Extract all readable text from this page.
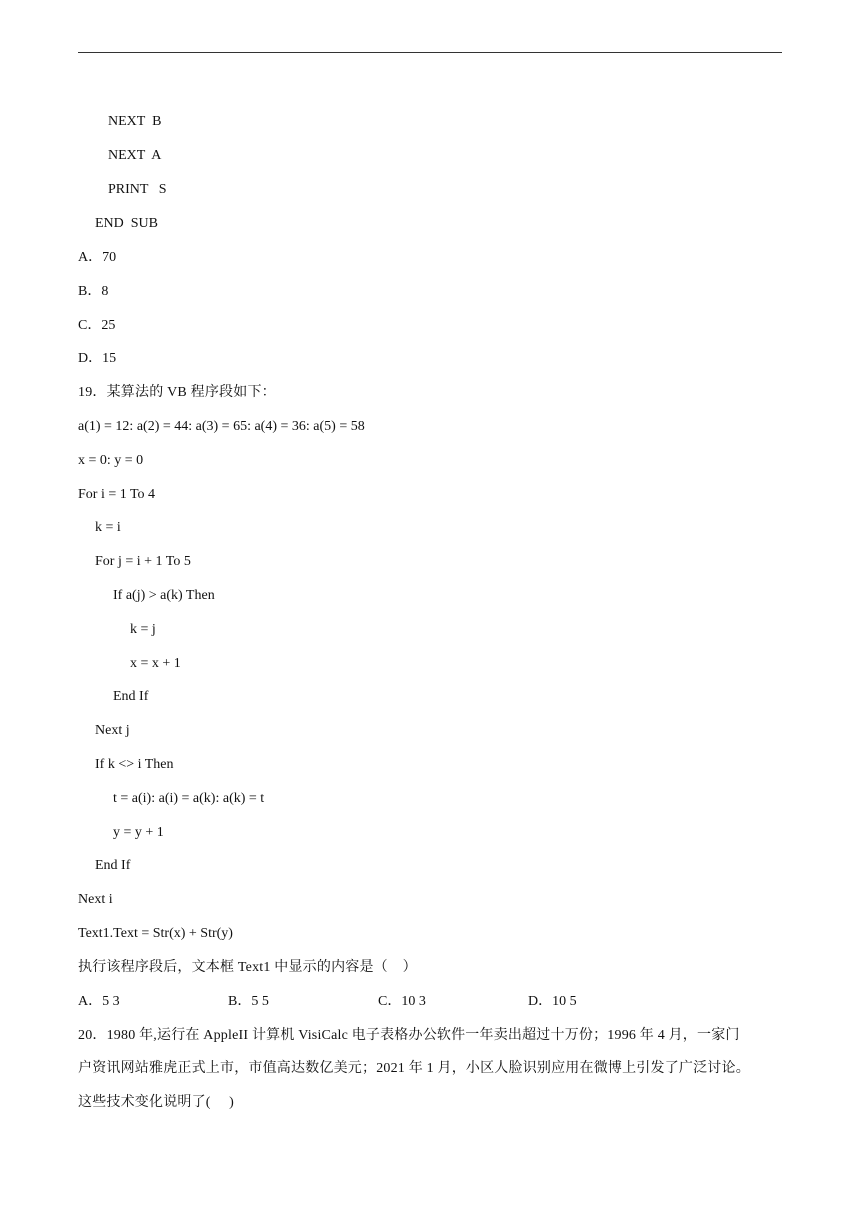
NEXT  B
NEXT  A
PRINT   S
END  SUB
A．70
B．8
C．25
D．15
19．某算法的 VB 程序段如下：
a(1) = 12: a(2) = 44: a(3) = 65: a(4) = 36: a(5) = 58
x = 0: y = 0
For i = 1 To 4
k = i
For j = i + 1 To 5
If a(j) > a(k) Then
k = j
x = x + 1
End If
Next j
If k <> i Then
t = a(i): a(i) = a(k): a(k) = t
y = y + 1
End If
Next i
Text1.Text = Str(x) + Str(y)
执行该程序段后，文本框 Text1 中显示的内容是（    ）
A．5 3	B．5 5	C．10 3	D．10 5
20．1980 年,运行在 AppleII 计算机 VisiCalc 电子表格办公软件一年卖出超过十万份；1996 年 4 月，一家门
户资讯网站雅虎正式上市，市值高达数亿美元；2021 年 1 月，小区人脸识别应用在微博上引发了广泛讨论。
这些技术变化说明了(     )
